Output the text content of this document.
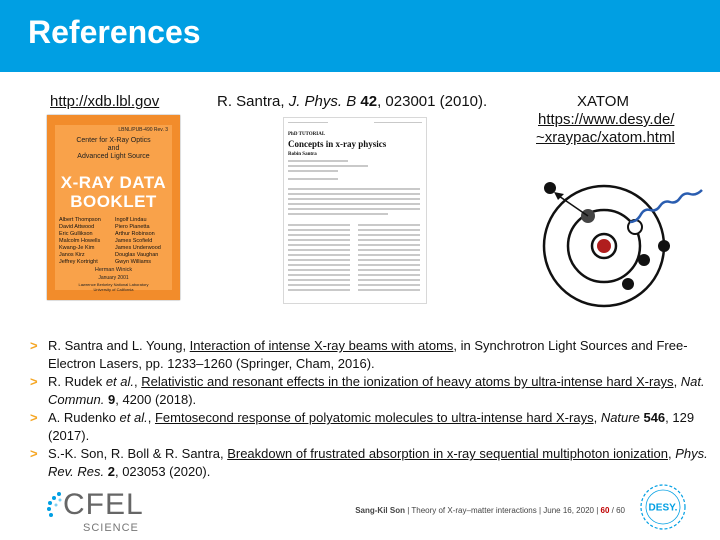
References
http://xdb.lbl.gov	R. Santra, J. Phys. B 42, 023001 (2010).	XATOM
https://www.desy.de/
~xraypac/xatom.html
LBNL/PUB-490 Rev. 3
Center for X-Ray Optics
and
Advanced Light Source
X-RAY DATA
BOOKLET
Albert Thompson
David Attwood
Eric Gullikson
Malcolm Howells
Kwang-Je Kim
Janos Kirz
Jeffrey Kortright
Ingolf Lindau
Piero Pianetta
Arthur Robinson
James Scofield
James Underwood
Douglas Vaughan
Gwyn Williams
Herman Winick
January 2001
Lawrence Berkeley National Laboratory
University of California
PhD TUTORIAL
Concepts in x-ray physics
Robin Santra
> R. Santra and L. Young, Interaction of intense X-ray beams with atoms, in Synchrotron Light Sources and Free-Electron Lasers, pp. 1233–1260 (Springer, Cham, 2016).
> R. Rudek et al., Relativistic and resonant effects in the ionization of heavy atoms by ultra-intense hard X-rays, Nat. Commun. 9, 4200 (2018).
> A. Rudenko et al., Femtosecond response of polyatomic molecules to ultra-intense hard X-rays, Nature 546, 129 (2017).
> S.-K. Son, R. Boll & R. Santra, Breakdown of frustrated absorption in x-ray sequential multiphoton ionization, Phys. Rev. Res. 2, 023053 (2020).
CFEL
SCIENCE
Sang-Kil Son | Theory of X-ray–matter interactions | June 16, 2020 | 60 / 60 DESY.
